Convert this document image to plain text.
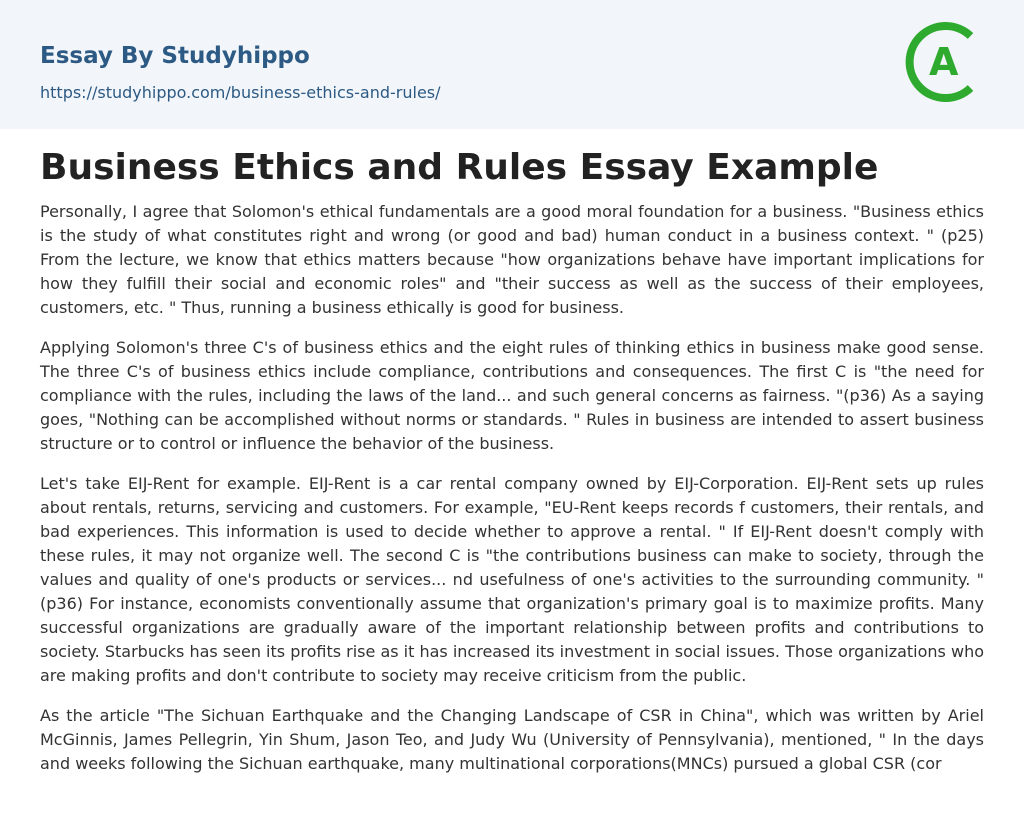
Essay By Studyhippo
https://studyhippo.com/business-ethics-and-rules/
A
Business Ethics and Rules Essay Example

Personally, I agree that Solomon's ethical fundamentals are a good moral foundation for a business. "Business ethics is the study of what constitutes right and wrong (or good and bad) human conduct in a business context. " (p25) From the lecture, we know that ethics matters because "how organizations behave have important implications for how they fulfill their social and economic roles" and "their success as well as the success of their employees, customers, etc. " Thus, running a business ethically is good for business.

Applying Solomon's three C's of business ethics and the eight rules of thinking ethics in business make good sense. The three C's of business ethics include compliance, contributions and consequences. The first C is "the need for compliance with the rules, including the laws of the land... and such general concerns as fairness. "(p36) As a saying goes, "Nothing can be accomplished without norms or standards. " Rules in business are intended to assert business structure or to control or influence the behavior of the business.

Let's take EIJ-Rent for example. EIJ-Rent is a car rental company owned by EIJ-Corporation. EIJ-Rent sets up rules about rentals, returns, servicing and customers. For example, "EU-Rent keeps records f customers, their rentals, and bad experiences. This information is used to decide whether to approve a rental. " If EIJ-Rent doesn't comply with these rules, it may not organize well. The second C is "the contributions business can make to society, through the values and quality of one's products or services... nd usefulness of one's activities to the surrounding community. " (p36) For instance, economists conventionally assume that organization's primary goal is to maximize profits. Many successful organizations are gradually aware of the important relationship between profits and contributions to society. Starbucks has seen its profits rise as it has increased its investment in social issues. Those organizations who are making profits and don't contribute to society may receive criticism from the public.

As the article "The Sichuan Earthquake and the Changing Landscape of CSR in China", which was written by Ariel McGinnis, James Pellegrin, Yin Shum, Jason Teo, and Judy Wu (University of Pennsylvania), mentioned, " In the days and weeks following the Sichuan earthquake, many multinational corporations(MNCs) pursued a global CSR (cor
